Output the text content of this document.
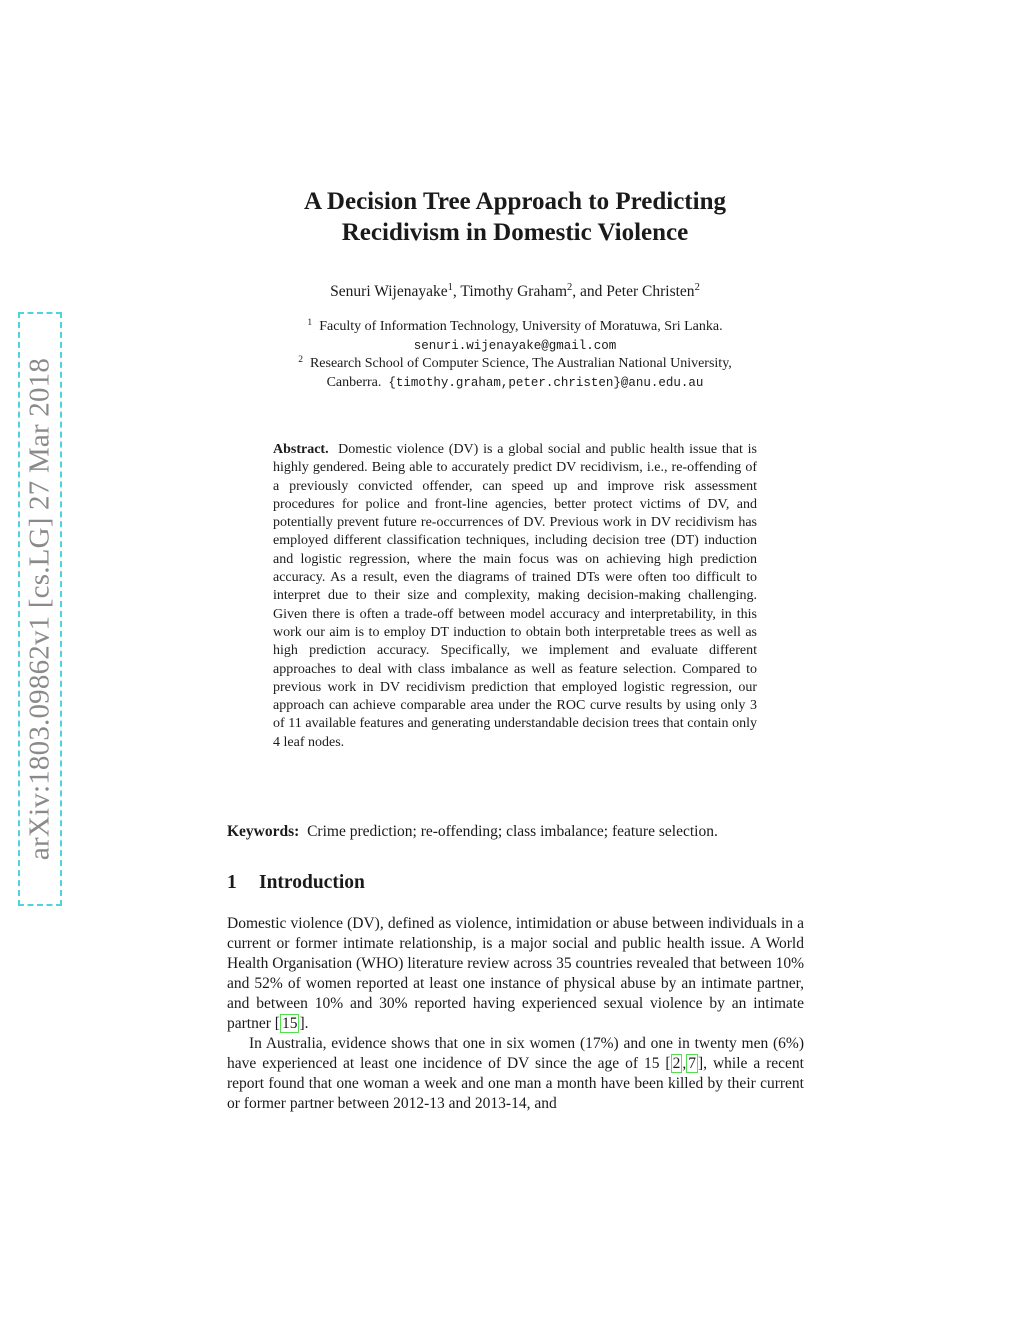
arXiv:1803.09862v1 [cs.LG] 27 Mar 2018
A Decision Tree Approach to Predicting
Recidivism in Domestic Violence
Senuri Wijenayake$^1$, Timothy Graham$^2$, and Peter Christen$^2$
$^1$ Faculty of Information Technology, University of Moratuwa, Sri Lanka.
senuri.wijenayake@gmail.com
$^2$ Research School of Computer Science, The Australian National University,
Canberra. {timothy.graham,peter.christen}@anu.edu.au

Abstract. Domestic violence (DV) is a global social and public health issue that is highly gendered. Being able to accurately predict DV recidivism, i.e., re-offending of a previously convicted offender, can speed up and improve risk assessment procedures for police and front-line agencies, better protect victims of DV, and potentially prevent future re-occurrences of DV. Previous work in DV recidivism has employed different classification techniques, including decision tree (DT) induction and logistic regression, where the main focus was on achieving high prediction accuracy. As a result, even the diagrams of trained DTs were often too difficult to interpret due to their size and complexity, making decision-making challenging. Given there is often a trade-off between model accuracy and interpretability, in this work our aim is to employ DT induction to obtain both interpretable trees as well as high prediction accuracy. Specifically, we implement and evaluate different approaches to deal with class imbalance as well as feature selection. Compared to previous work in DV recidivism prediction that employed logistic regression, our approach can achieve comparable area under the ROC curve results by using only 3 of 11 available features and generating understandable decision trees that contain only 4 leaf nodes.

Keywords: Crime prediction; re-offending; class imbalance; feature selection.

1 Introduction

Domestic violence (DV), defined as violence, intimidation or abuse between individuals in a current or former intimate relationship, is a major social and public health issue. A World Health Organisation (WHO) literature review across 35 countries revealed that between 10% and 52% of women reported at least one instance of physical abuse by an intimate partner, and between 10% and 30% reported having experienced sexual violence by an intimate partner [ 15 ].

In Australia, evidence shows that one in six women (17%) and one in twenty men (6%) have experienced at least one incidence of DV since the age of 15 [ 2 , 7 ], while a recent report found that one woman a week and one man a month have been killed by their current or former partner between 2012-13 and 2013-14, and
